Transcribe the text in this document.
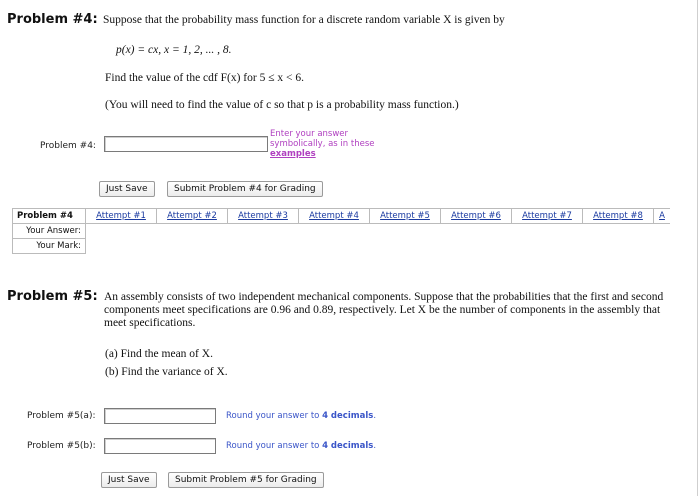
Problem #4: Suppose that the probability mass function for a discrete random variable X is given by
p(x) = cx, x = 1, 2, ... , 8.
Find the value of the cdf F(x) for 5 ≤ x < 6.
(You will need to find the value of c so that p is a probability mass function.)
Problem #4:
Enter your answer
symbolically, as in these
examples
Just Save	Submit Problem #4 for Grading
Problem #4	Attempt #1	Attempt #2	Attempt #3	Attempt #4	Attempt #5	Attempt #6	Attempt #7	Attempt #8	A
Your Answer:									
Your Mark:									
Problem #5: An assembly consists of two independent mechanical components. Suppose that the probabilities that the first and second components meet specifications are 0.96 and 0.89, respectively. Let X be the number of components in the assembly that meet specifications.
(a) Find the mean of X.
(b) Find the variance of X.
Problem #5(a):	Round your answer to 4 decimals.
Problem #5(b):	Round your answer to 4 decimals.
Just Save	Submit Problem #5 for Grading
